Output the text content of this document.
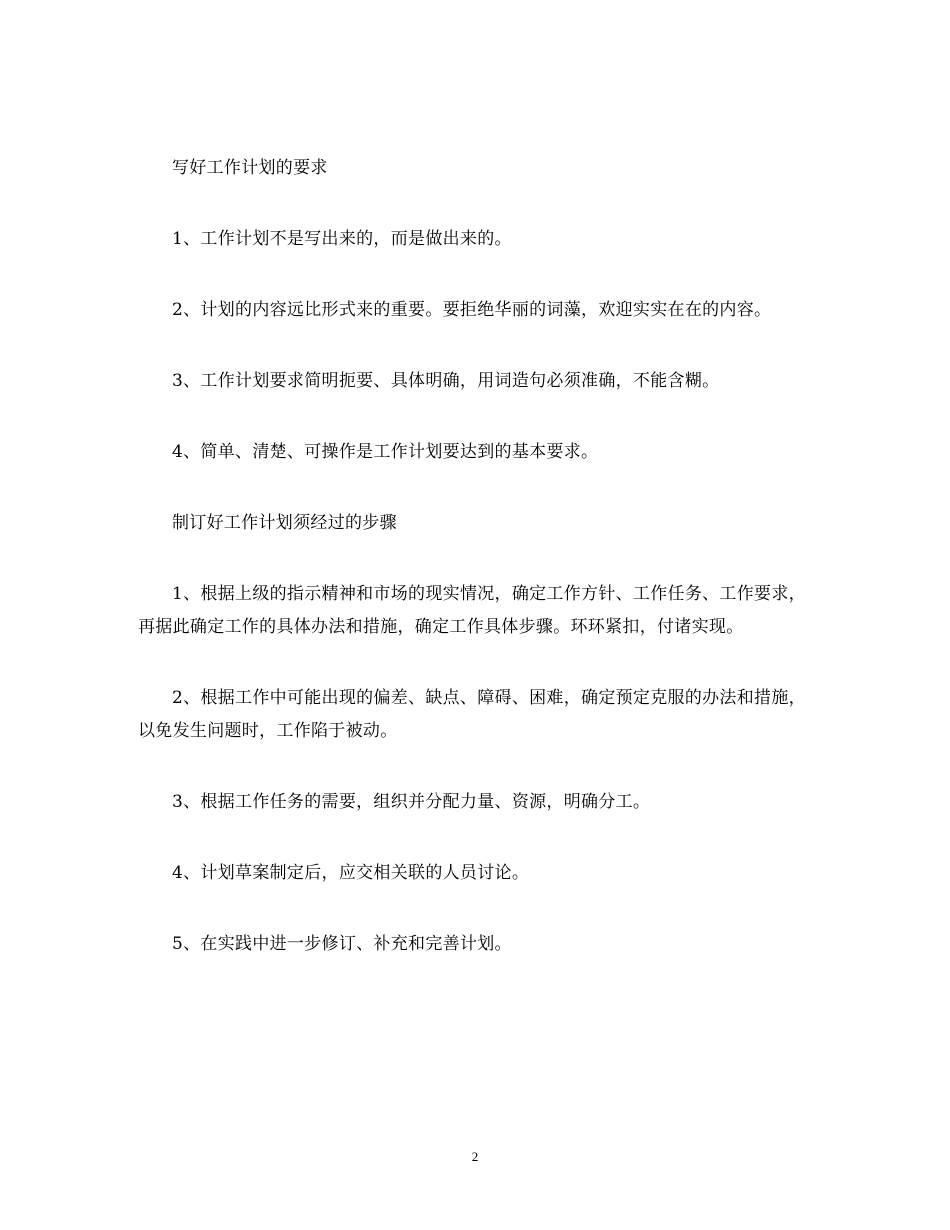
写好工作计划的要求

1、工作计划不是写出来的，而是做出来的。

2、计划的内容远比形式来的重要。要拒绝华丽的词藻，欢迎实实在在的内容。

3、工作计划要求简明扼要、具体明确，用词造句必须准确，不能含糊。

4、简单、清楚、可操作是工作计划要达到的基本要求。

制订好工作计划须经过的步骤

1、根据上级的指示精神和市场的现实情况，确定工作方针、工作任务、工作要求，再据此确定工作的具体办法和措施，确定工作具体步骤。环环紧扣，付诸实现。

2、根据工作中可能出现的偏差、缺点、障碍、困难，确定预定克服的办法和措施，以免发生问题时，工作陷于被动。

3、根据工作任务的需要，组织并分配力量、资源，明确分工。

4、计划草案制定后，应交相关联的人员讨论。

5、在实践中进一步修订、补充和完善计划。

2
